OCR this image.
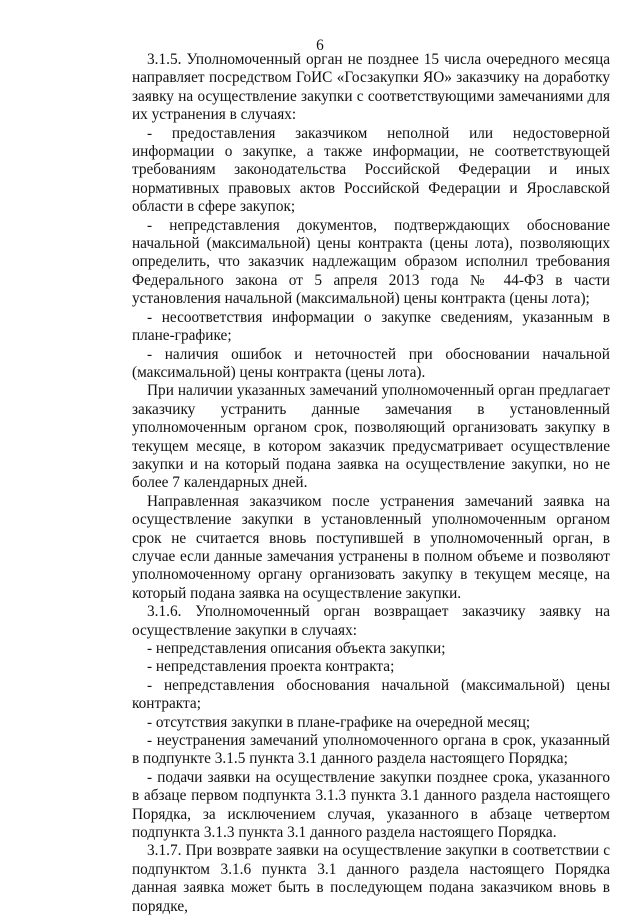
6

3.1.5. Уполномоченный орган не позднее 15 числа очередного месяца направляет посредством ГоИС «Госзакупки ЯО» заказчику на доработку заявку на осуществление закупки с соответствующими замечаниями для их устранения в случаях:

- предоставления заказчиком неполной или недостоверной информации о закупке, а также информации, не соответствующей требованиям законодательства Российской Федерации и иных нормативных правовых актов Российской Федерации и Ярославской области в сфере закупок;

- непредставления документов, подтверждающих обоснование начальной (максимальной) цены контракта (цены лота), позволяющих определить, что заказчик надлежащим образом исполнил требования Федерального закона от 5 апреля 2013 года № 44-ФЗ в части установления начальной (максимальной) цены контракта (цены лота);

- несоответствия информации о закупке сведениям, указанным в плане-графике;

- наличия ошибок и неточностей при обосновании начальной (максимальной) цены контракта (цены лота).

При наличии указанных замечаний уполномоченный орган предлагает заказчику устранить данные замечания в установленный уполномоченным органом срок, позволяющий организовать закупку в текущем месяце, в котором заказчик предусматривает осуществление закупки и на который подана заявка на осуществление закупки, но не более 7 календарных дней.

Направленная заказчиком после устранения замечаний заявка на осуществление закупки в установленный уполномоченным органом срок не считается вновь поступившей в уполномоченный орган, в случае если данные замечания устранены в полном объеме и позволяют уполномоченному органу организовать закупку в текущем месяце, на который подана заявка на осуществление закупки.

3.1.6. Уполномоченный орган возвращает заказчику заявку на осуществление закупки в случаях:

- непредставления описания объекта закупки;

- непредставления проекта контракта;

- непредставления обоснования начальной (максимальной) цены контракта;

- отсутствия закупки в плане-графике на очередной месяц;

- неустранения замечаний уполномоченного органа в срок, указанный в подпункте 3.1.5 пункта 3.1 данного раздела настоящего Порядка;

- подачи заявки на осуществление закупки позднее срока, указанного в абзаце первом подпункта 3.1.3 пункта 3.1 данного раздела настоящего Порядка, за исключением случая, указанного в абзаце четвертом подпункта 3.1.3 пункта 3.1 данного раздела настоящего Порядка.

3.1.7. При возврате заявки на осуществление закупки в соответствии с подпунктом 3.1.6 пункта 3.1 данного раздела настоящего Порядка данная заявка может быть в последующем подана заказчиком вновь в порядке,
